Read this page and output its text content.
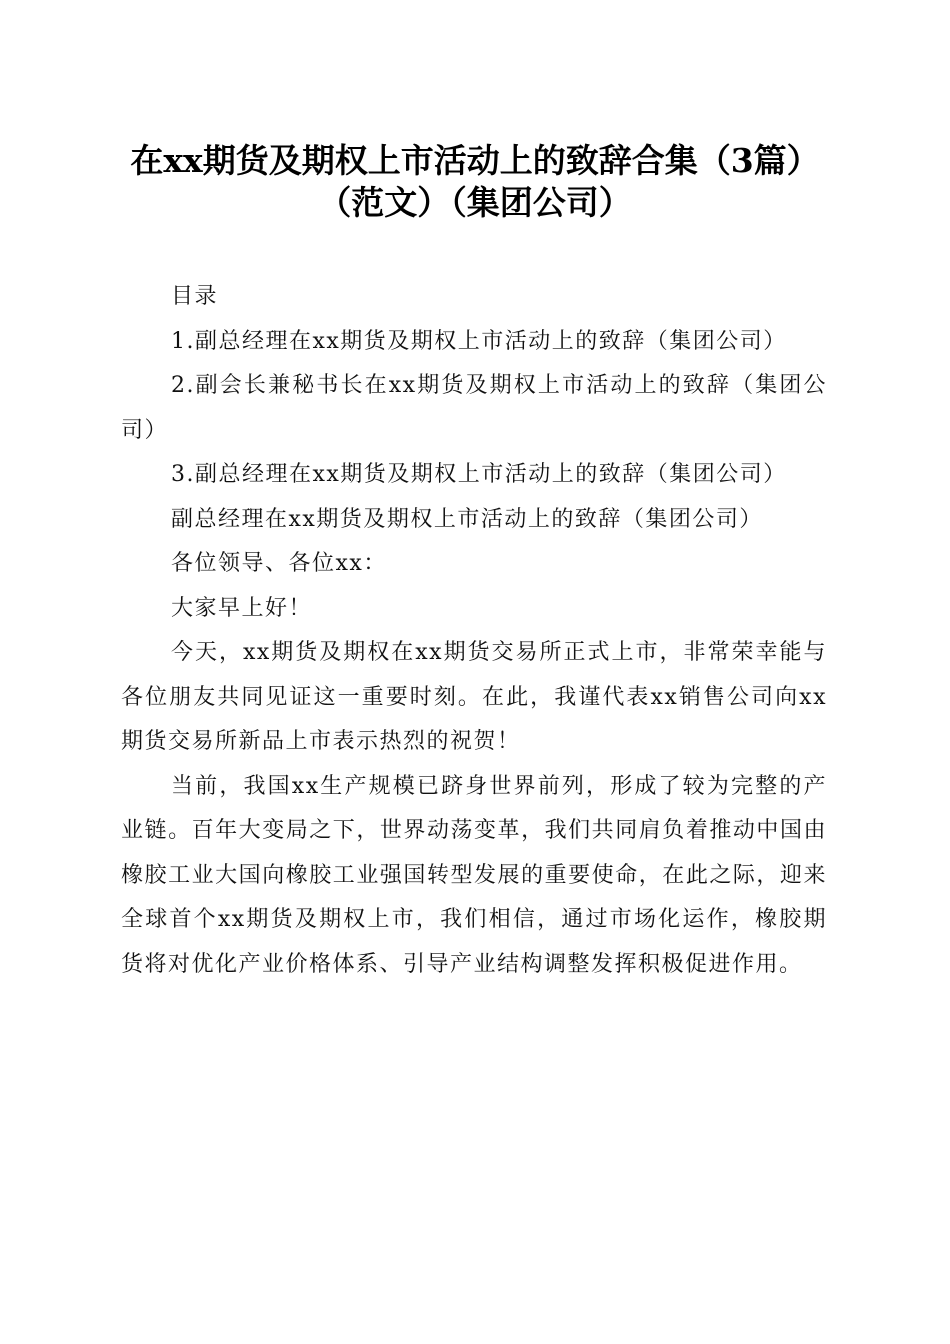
在xx期货及期权上市活动上的致辞合集（3篇）（范文）（集团公司）

目录

1.副总经理在xx期货及期权上市活动上的致辞（集团公司）

2.副会长兼秘书长在xx期货及期权上市活动上的致辞（集团公司）

3.副总经理在xx期货及期权上市活动上的致辞（集团公司）

副总经理在xx期货及期权上市活动上的致辞（集团公司）

各位领导、各位xx：

大家早上好！

今天，xx期货及期权在xx期货交易所正式上市，非常荣幸能与各位朋友共同见证这一重要时刻。在此，我谨代表xx销售公司向xx期货交易所新品上市表示热烈的祝贺！

当前，我国xx生产规模已跻身世界前列，形成了较为完整的产业链。百年大变局之下，世界动荡变革，我们共同肩负着推动中国由橡胶工业大国向橡胶工业强国转型发展的重要使命，在此之际，迎来全球首个xx期货及期权上市，我们相信，通过市场化运作，橡胶期货将对优化产业价格体系、引导产业结构调整发挥积极促进作用。
